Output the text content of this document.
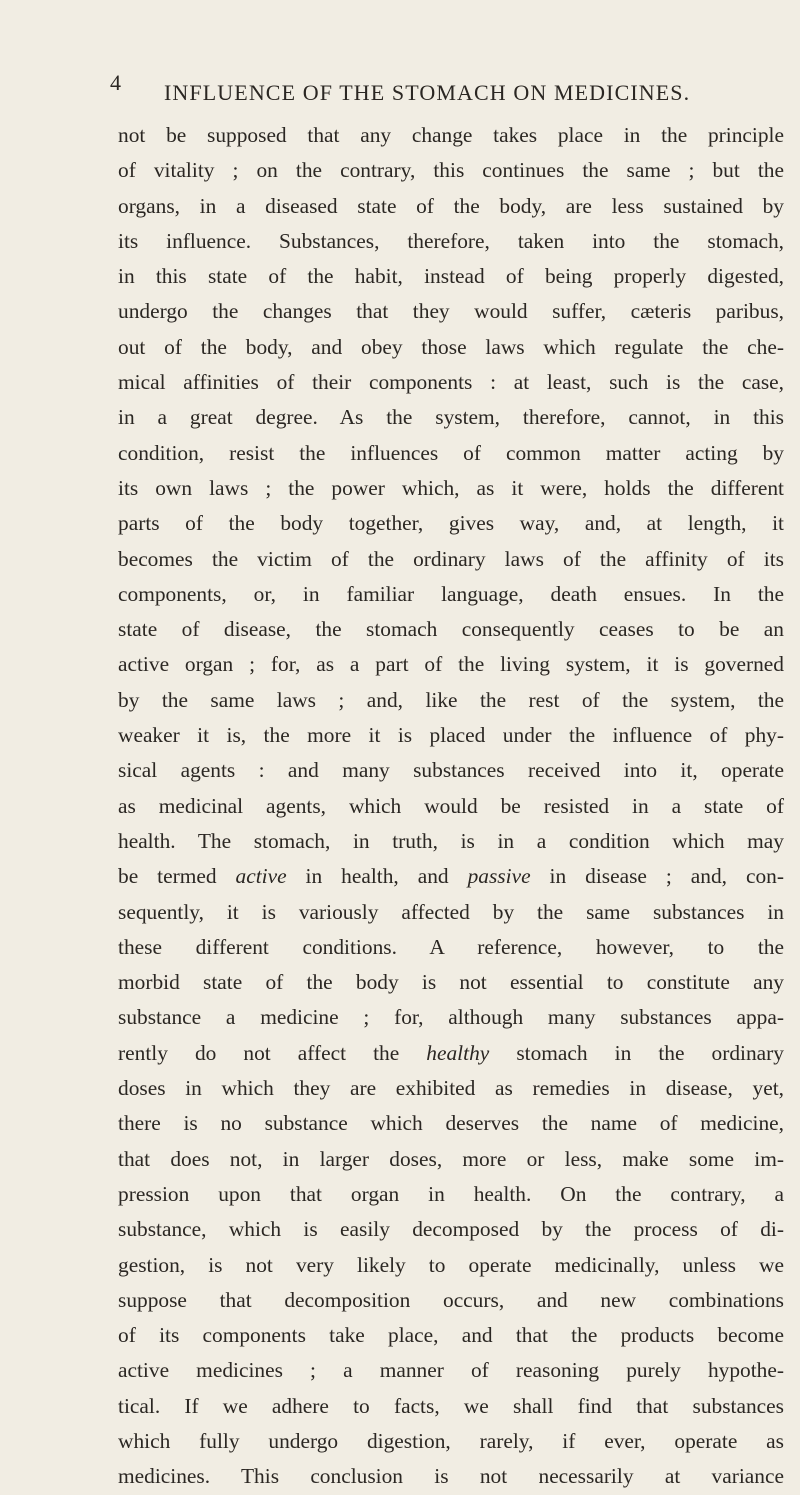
4 INFLUENCE OF THE STOMACH ON MEDICINES.
not be supposed that any change takes place in the principle
of vitality ; on the contrary, this continues the same ; but the
organs, in a diseased state of the body, are less sustained by
its influence. Substances, therefore, taken into the stomach,
in this state of the habit, instead of being properly digested,
undergo the changes that they would suffer, cæteris paribus,
out of the body, and obey those laws which regulate the che-
mical affinities of their components : at least, such is the case,
in a great degree. As the system, therefore, cannot, in this
condition, resist the influences of common matter acting by
its own laws ; the power which, as it were, holds the different
parts of the body together, gives way, and, at length, it
becomes the victim of the ordinary laws of the affinity of its
components, or, in familiar language, death ensues. In the
state of disease, the stomach consequently ceases to be an
active organ ; for, as a part of the living system, it is governed
by the same laws ; and, like the rest of the system, the
weaker it is, the more it is placed under the influence of phy-
sical agents : and many substances received into it, operate
as medicinal agents, which would be resisted in a state of
health. The stomach, in truth, is in a condition which may
be termed active in health, and passive in disease ; and, con-
sequently, it is variously affected by the same substances in
these different conditions. A reference, however, to the
morbid state of the body is not essential to constitute any
substance a medicine ; for, although many substances appa-
rently do not affect the healthy stomach in the ordinary
doses in which they are exhibited as remedies in disease, yet,
there is no substance which deserves the name of medicine,
that does not, in larger doses, more or less, make some im-
pression upon that organ in health. On the contrary, a
substance, which is easily decomposed by the process of di-
gestion, is not very likely to operate medicinally, unless we
suppose that decomposition occurs, and new combinations
of its components take place, and that the products become
active medicines ; a manner of reasoning purely hypothe-
tical. If we adhere to facts, we shall find that substances
which fully undergo digestion, rarely, if ever, operate as
medicines. This conclusion is not necessarily at variance
